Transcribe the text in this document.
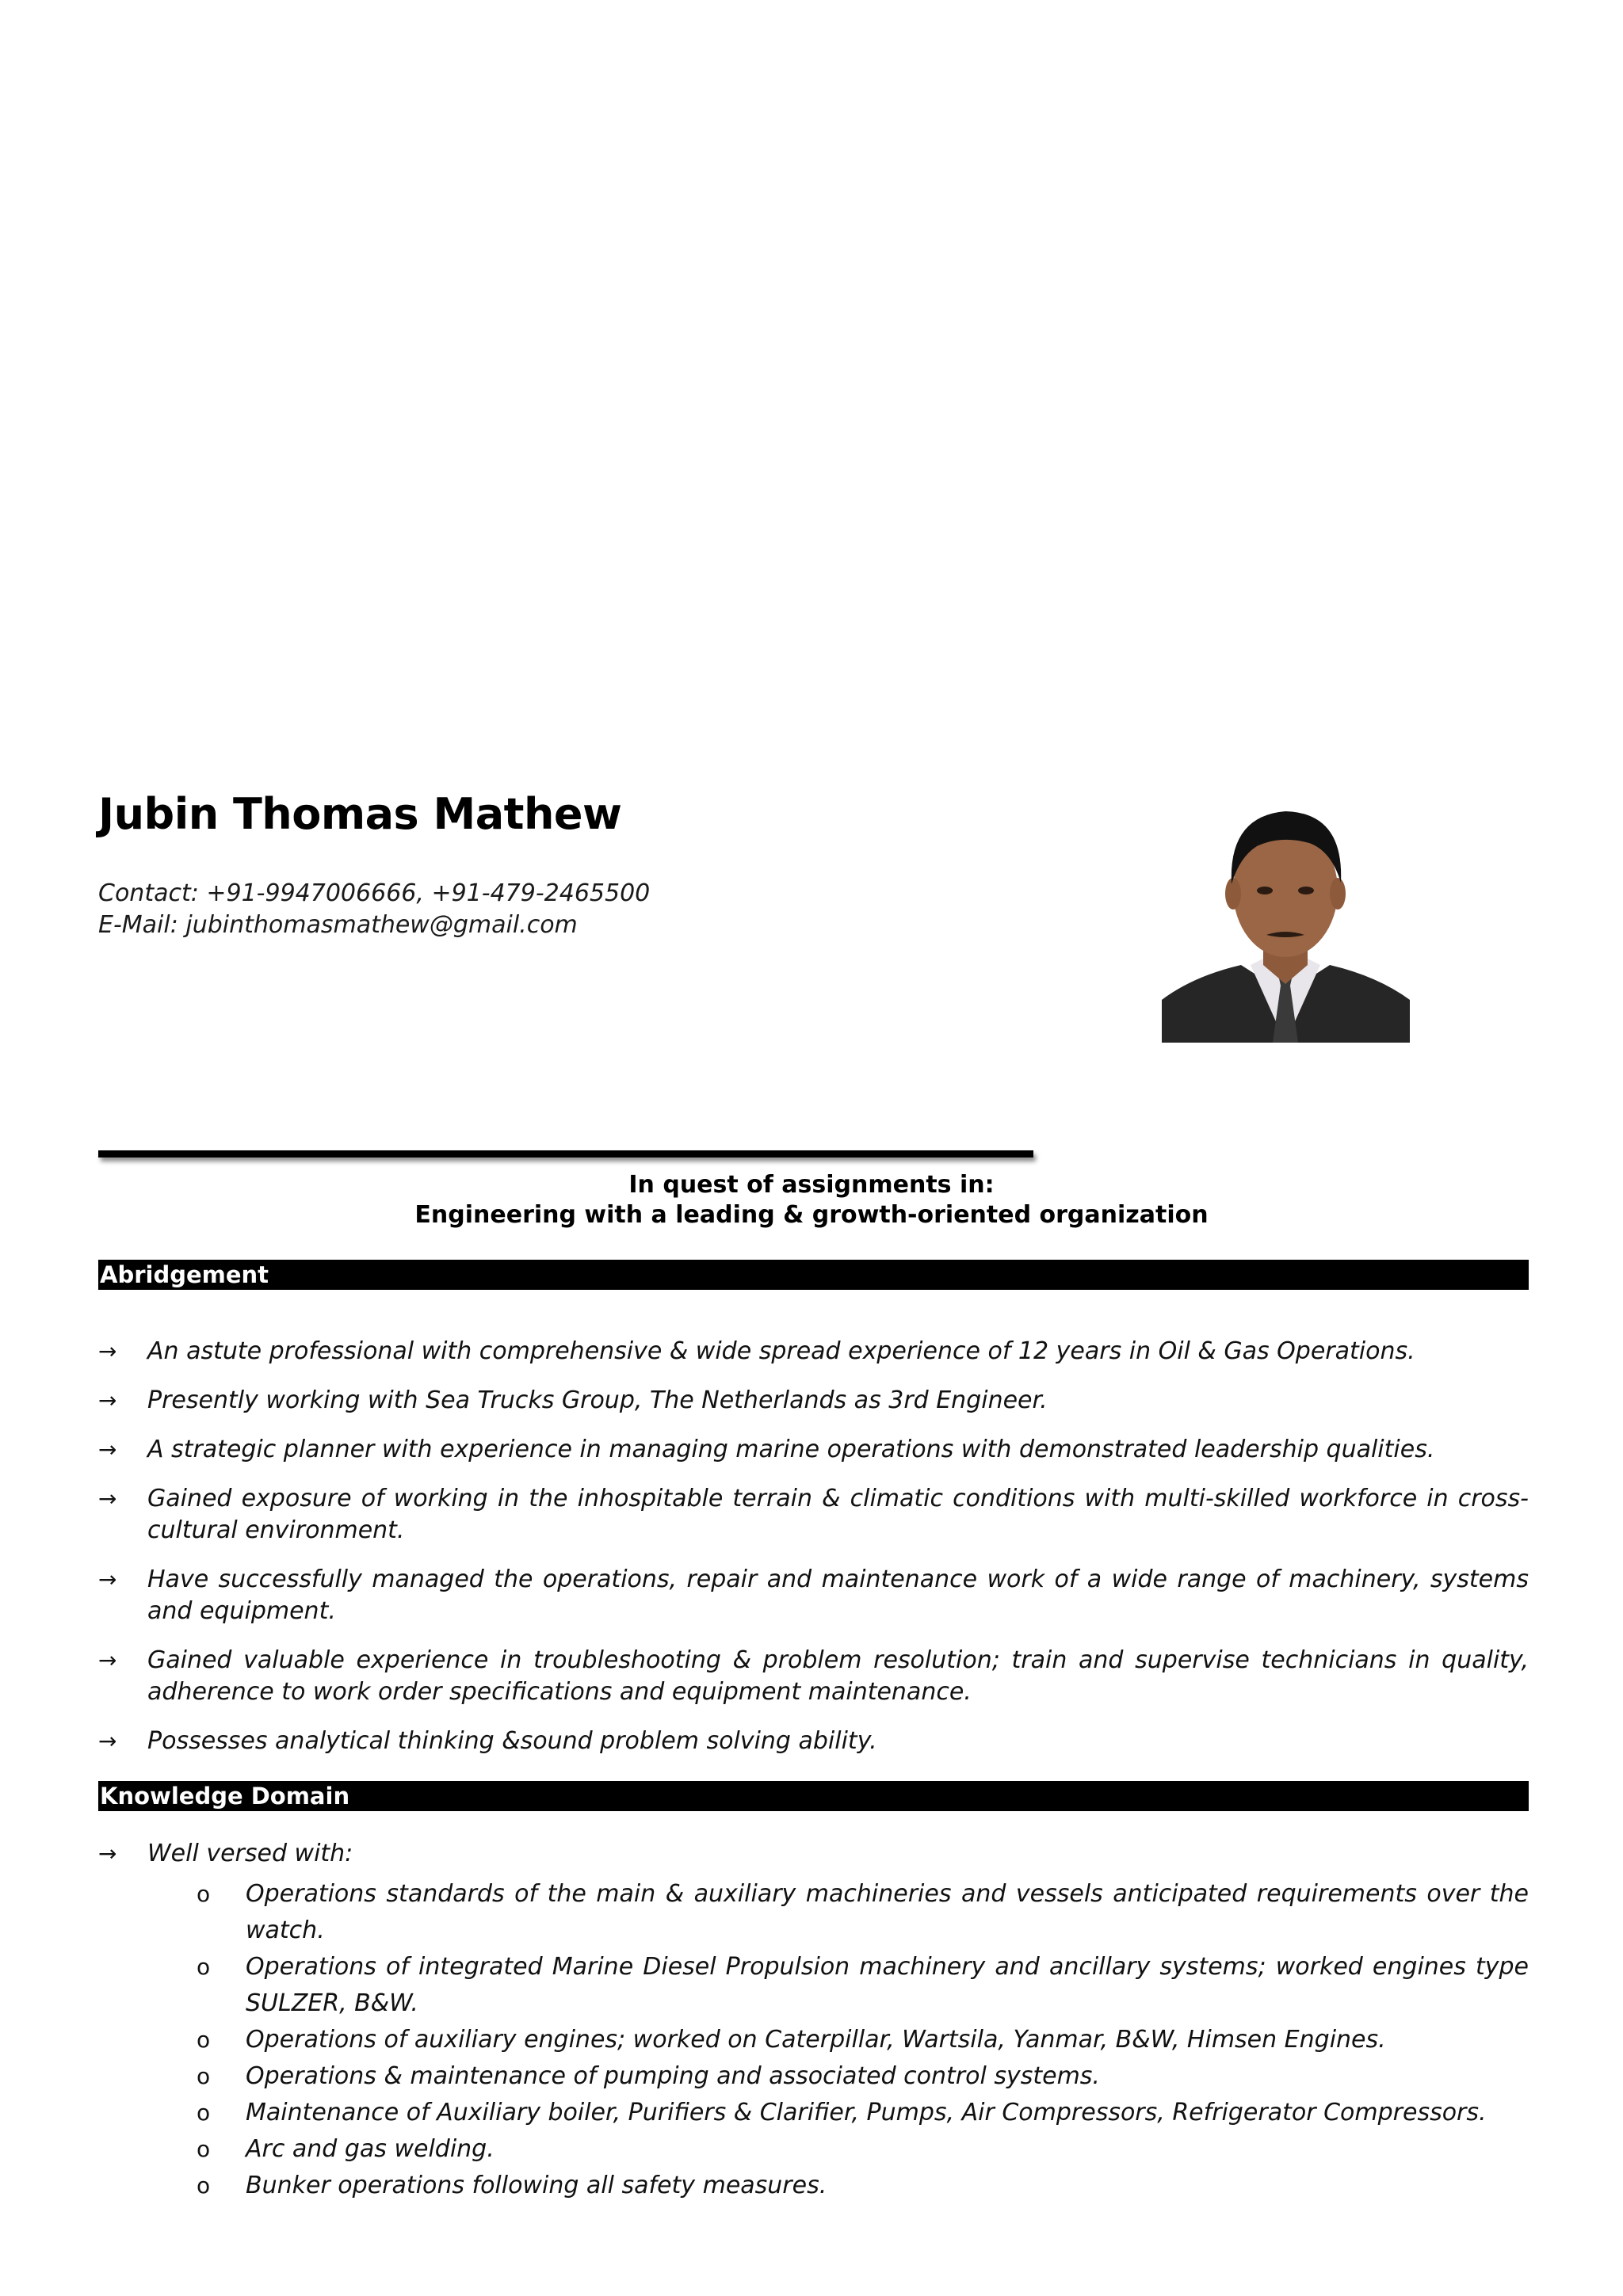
Jubin Thomas Mathew
Contact: +91-9947006666, +91-479-2465500
E-Mail: jubinthomasmathew@gmail.com
In quest of assignments in:
Engineering with a leading & growth-oriented organization
Abridgement
→ An astute professional with comprehensive & wide spread experience of 12 years in Oil & Gas Operations.
→ Presently working with Sea Trucks Group, The Netherlands as 3rd Engineer.
→ A strategic planner with experience in managing marine operations with demonstrated leadership qualities.
→ Gained exposure of working in the inhospitable terrain & climatic conditions with multi-skilled workforce in cross-cultural environment.
→ Have successfully managed the operations, repair and maintenance work of a wide range of machinery, systems and equipment.
→ Gained valuable experience in troubleshooting & problem resolution; train and supervise technicians in quality, adherence to work order specifications and equipment maintenance.
→ Possesses analytical thinking &sound problem solving ability.
Knowledge Domain
→ Well versed with:
o Operations standards of the main & auxiliary machineries and vessels anticipated requirements over the watch.
o Operations of integrated Marine Diesel Propulsion machinery and ancillary systems; worked engines type SULZER, B&W.
o Operations of auxiliary engines; worked on Caterpillar, Wartsila, Yanmar, B&W, Himsen Engines.
o Operations & maintenance of pumping and associated control systems.
o Maintenance of Auxiliary boiler, Purifiers & Clarifier, Pumps, Air Compressors, Refrigerator Compressors.
o Arc and gas welding.
o Bunker operations following all safety measures.
